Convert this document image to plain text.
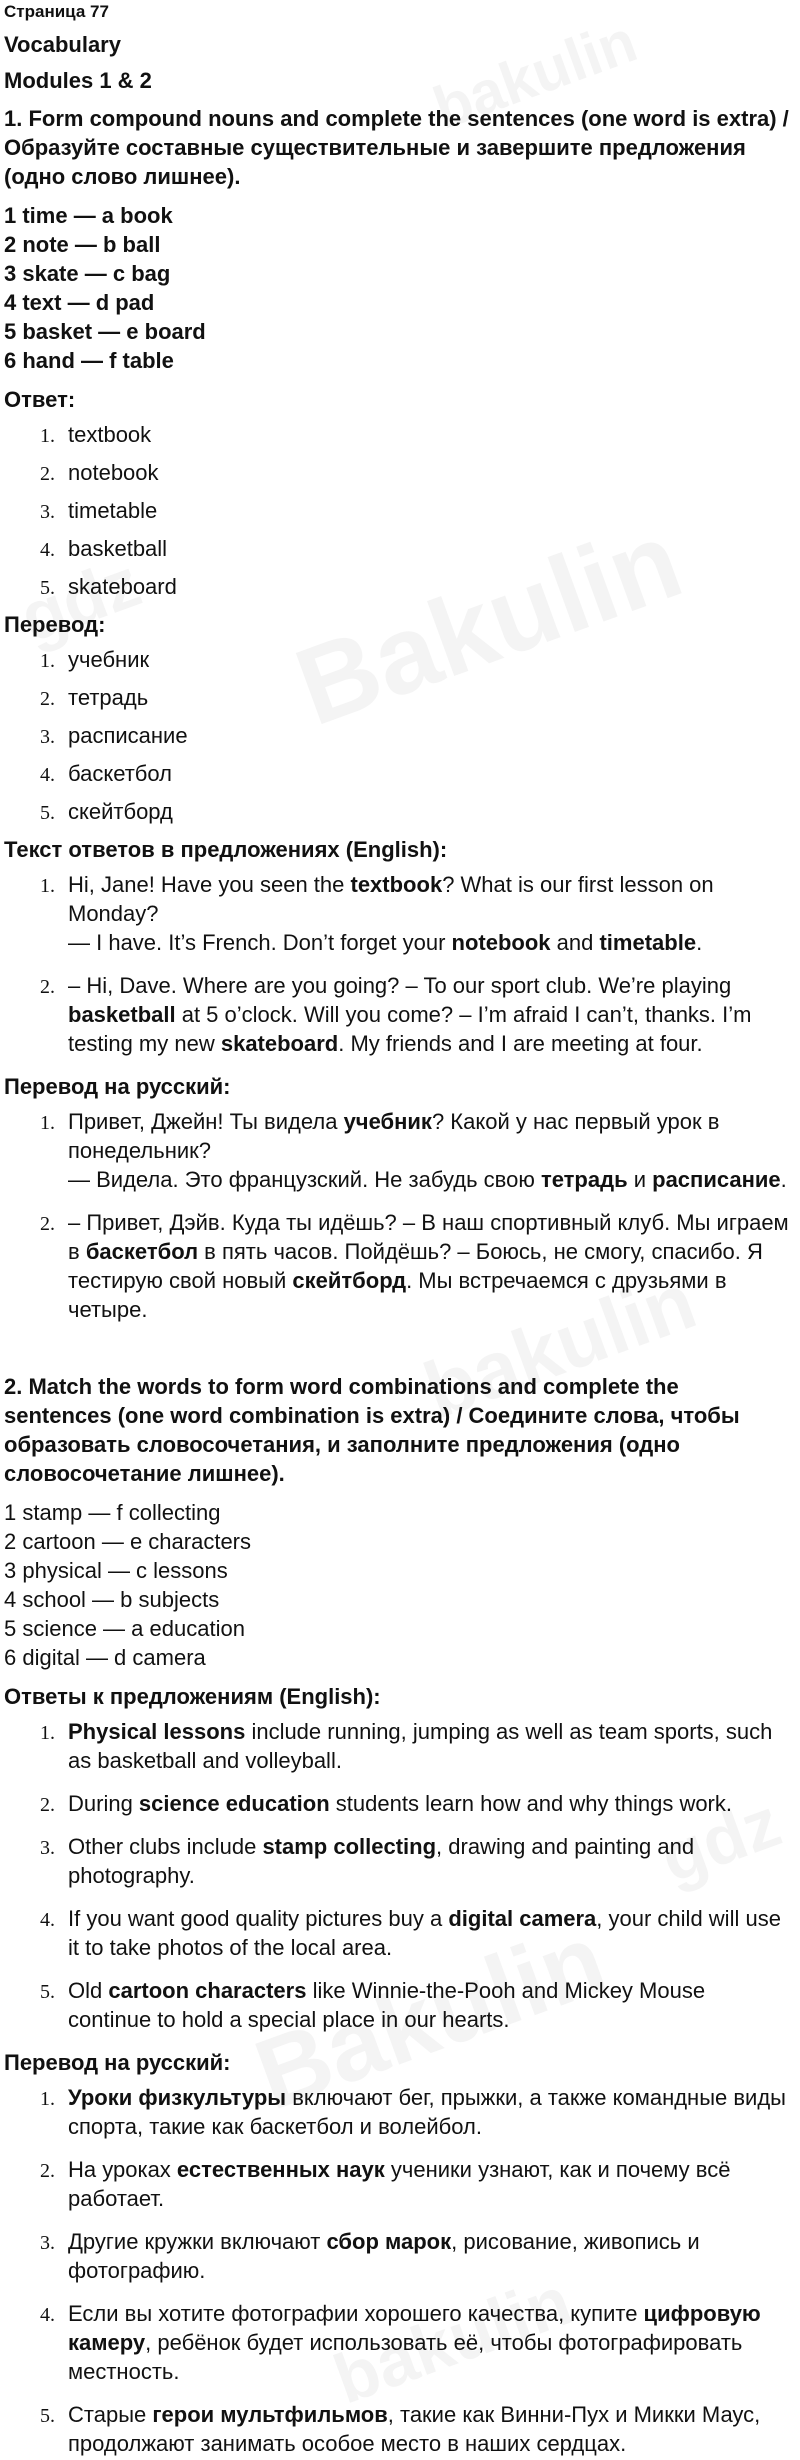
Страница 77
Vocabulary
Modules 1 & 2
1. Form compound nouns and complete the sentences (one word is extra) / Образуйте составные существительные и завершите предложения (одно слово лишнее).
1 time — a book
2 note — b ball
3 skate — c bag
4 text — d pad
5 basket — e board
6 hand — f table
Ответ:
1. textbook
2. notebook
3. timetable
4. basketball
5. skateboard
Перевод:
1. учебник
2. тетрадь
3. расписание
4. баскетбол
5. скейтборд
Текст ответов в предложениях (English):
1. Hi, Jane! Have you seen the textbook? What is our first lesson on Monday?
— I have. It’s French. Don’t forget your notebook and timetable.
2. – Hi, Dave. Where are you going? – To our sport club. We’re playing basketball at 5 o’clock. Will you come? – I’m afraid I can’t, thanks. I’m testing my new skateboard. My friends and I are meeting at four.
Перевод на русский:
1. Привет, Джейн! Ты видела учебник? Какой у нас первый урок в понедельник?
— Видела. Это французский. Не забудь свою тетрадь и расписание.
2. – Привет, Дэйв. Куда ты идёшь? – В наш спортивный клуб. Мы играем в баскетбол в пять часов. Пойдёшь? – Боюсь, не смогу, спасибо. Я тестирую свой новый скейтборд. Мы встречаемся с друзьями в четыре.
2. Match the words to form word combinations and complete the sentences (one word combination is extra) / Соедините слова, чтобы образовать словосочетания, и заполните предложения (одно словосочетание лишнее).
1 stamp — f collecting
2 cartoon — e characters
3 physical — c lessons
4 school — b subjects
5 science — a education
6 digital — d camera
Ответы к предложениям (English):
1. Physical lessons include running, jumping as well as team sports, such as basketball and volleyball.
2. During science education students learn how and why things work.
3. Other clubs include stamp collecting, drawing and painting and photography.
4. If you want good quality pictures buy a digital camera, your child will use it to take photos of the local area.
5. Old cartoon characters like Winnie-the-Pooh and Mickey Mouse continue to hold a special place in our hearts.
Перевод на русский:
1. Уроки физкультуры включают бег, прыжки, а также командные виды спорта, такие как баскетбол и волейбол.
2. На уроках естественных наук ученики узнают, как и почему всё работает.
3. Другие кружки включают сбор марок, рисование, живопись и фотографию.
4. Если вы хотите фотографии хорошего качества, купите цифровую камеру, ребёнок будет использовать её, чтобы фотографировать местность.
5. Старые герои мультфильмов, такие как Винни-Пух и Микки Маус, продолжают занимать особое место в наших сердцах.
